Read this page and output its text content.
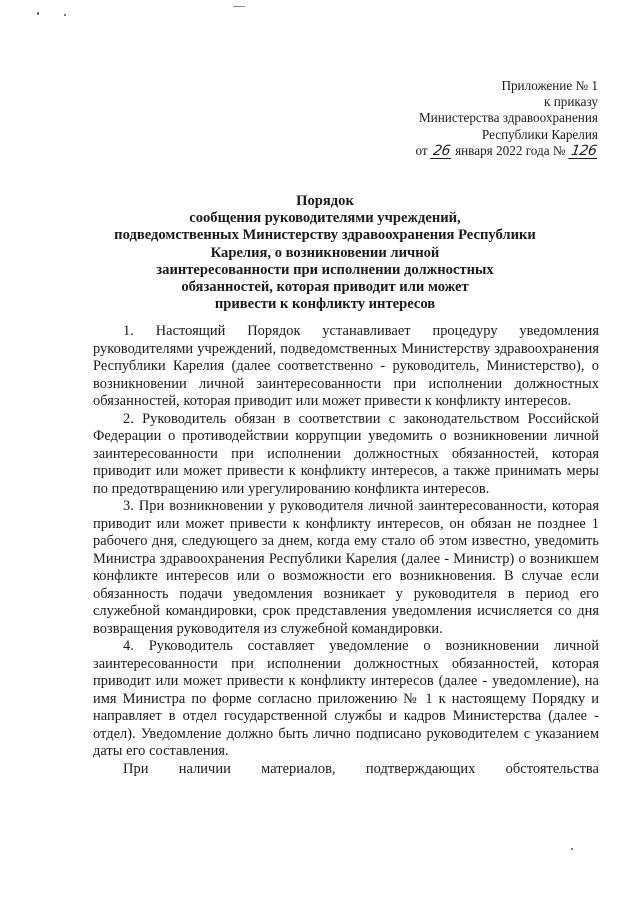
Приложение № 1
к приказу
Министерства здравоохранения
Республики Карелия
от 26 января 2022 года № 126
Порядок
сообщения руководителями учреждений,
подведомственных Министерству здравоохранения Республики
Карелия, о возникновении личной
заинтересованности при исполнении должностных
обязанностей, которая приводит или может
привести к конфликту интересов

1. Настоящий Порядок устанавливает процедуру уведомления руководителями учреждений, подведомственных Министерству здравоохранения Республики Карелия (далее соответственно - руководитель, Министерство), о возникновении личной заинтересованности при исполнении должностных обязанностей, которая приводит или может привести к конфликту интересов.

2. Руководитель обязан в соответствии с законодательством Российской Федерации о противодействии коррупции уведомить о возникновении личной заинтересованности при исполнении должностных обязанностей, которая приводит или может привести к конфликту интересов, а также принимать меры по предотвращению или урегулированию конфликта интересов.

3. При возникновении у руководителя личной заинтересованности, которая приводит или может привести к конфликту интересов, он обязан не позднее 1 рабочего дня, следующего за днем, когда ему стало об этом известно, уведомить Министра здравоохранения Республики Карелия (далее - Министр) о возникшем конфликте интересов или о возможности его возникновения. В случае если обязанность подачи уведомления возникает у руководителя в период его служебной командировки, срок представления уведомления исчисляется со дня возвращения руководителя из служебной командировки.

4. Руководитель составляет уведомление о возникновении личной заинтересованности при исполнении должностных обязанностей, которая приводит или может привести к конфликту интересов (далее - уведомление), на имя Министра по форме согласно приложению № 1 к настоящему Порядку и направляет в отдел государственной службы и кадров Министерства (далее - отдел). Уведомление должно быть лично подписано руководителем с указанием даты его составления.

При наличии материалов, подтверждающих обстоятельства
